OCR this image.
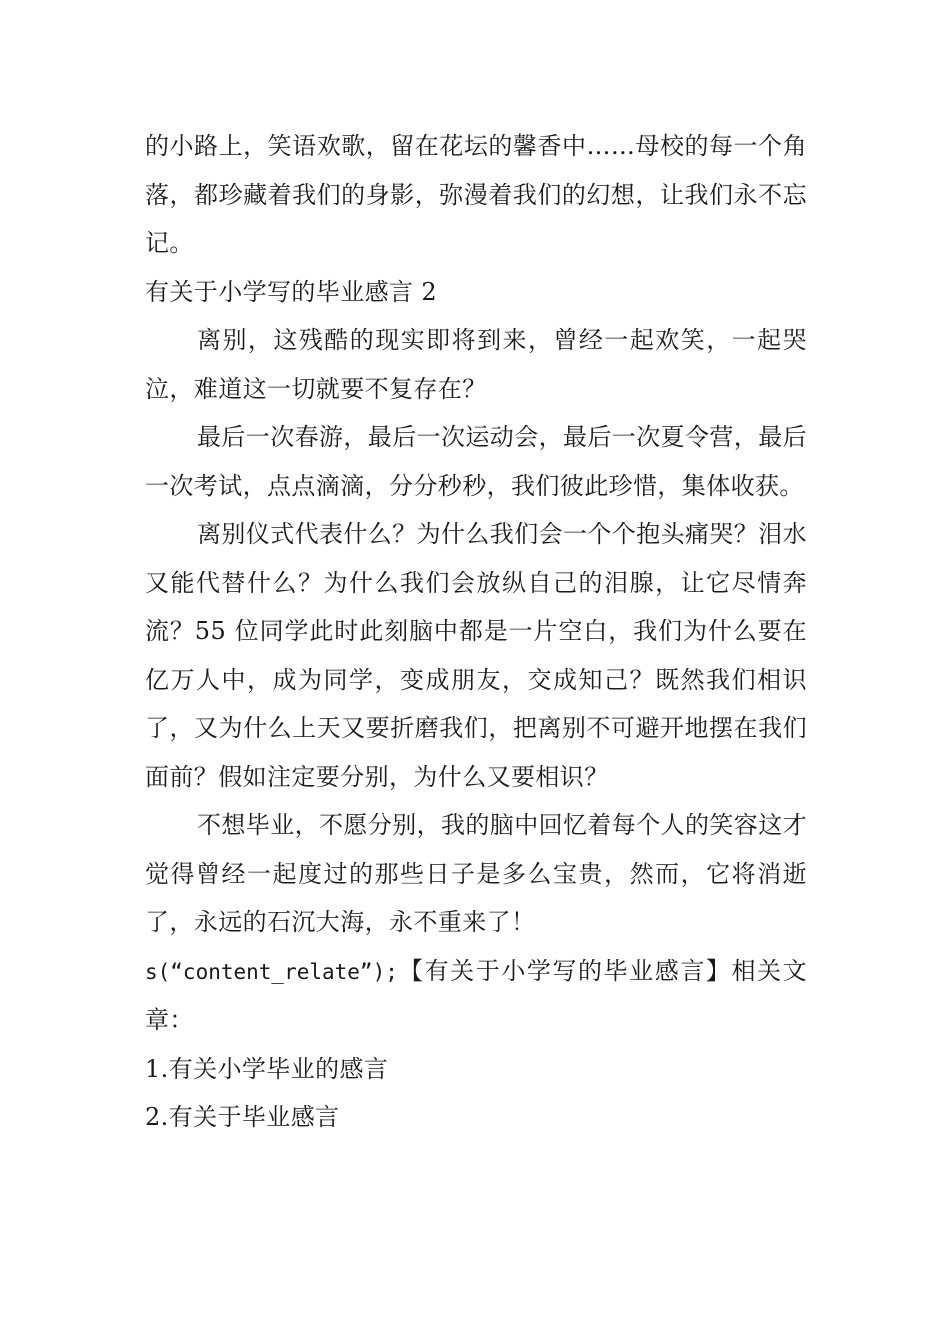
的小路上，笑语欢歌，留在花坛的馨香中……母校的每一个角落，都珍藏着我们的身影，弥漫着我们的幻想，让我们永不忘记。

有关于小学写的毕业感言 2

离别，这残酷的现实即将到来，曾经一起欢笑，一起哭泣，难道这一切就要不复存在？

最后一次春游，最后一次运动会，最后一次夏令营，最后一次考试，点点滴滴，分分秒秒，我们彼此珍惜，集体收获。

离别仪式代表什么？为什么我们会一个个抱头痛哭？泪水又能代替什么？为什么我们会放纵自己的泪腺，让它尽情奔流？55 位同学此时此刻脑中都是一片空白，我们为什么要在亿万人中，成为同学，变成朋友，交成知己？既然我们相识了，又为什么上天又要折磨我们，把离别不可避开地摆在我们面前？假如注定要分别，为什么又要相识？

不想毕业，不愿分别，我的脑中回忆着每个人的笑容这才觉得曾经一起度过的那些日子是多么宝贵，然而，它将消逝了，永远的石沉大海，永不重来了！

s(“content_relate”);【有关于小学写的毕业感言】相关文章：

1.有关小学毕业的感言
2.有关于毕业感言
